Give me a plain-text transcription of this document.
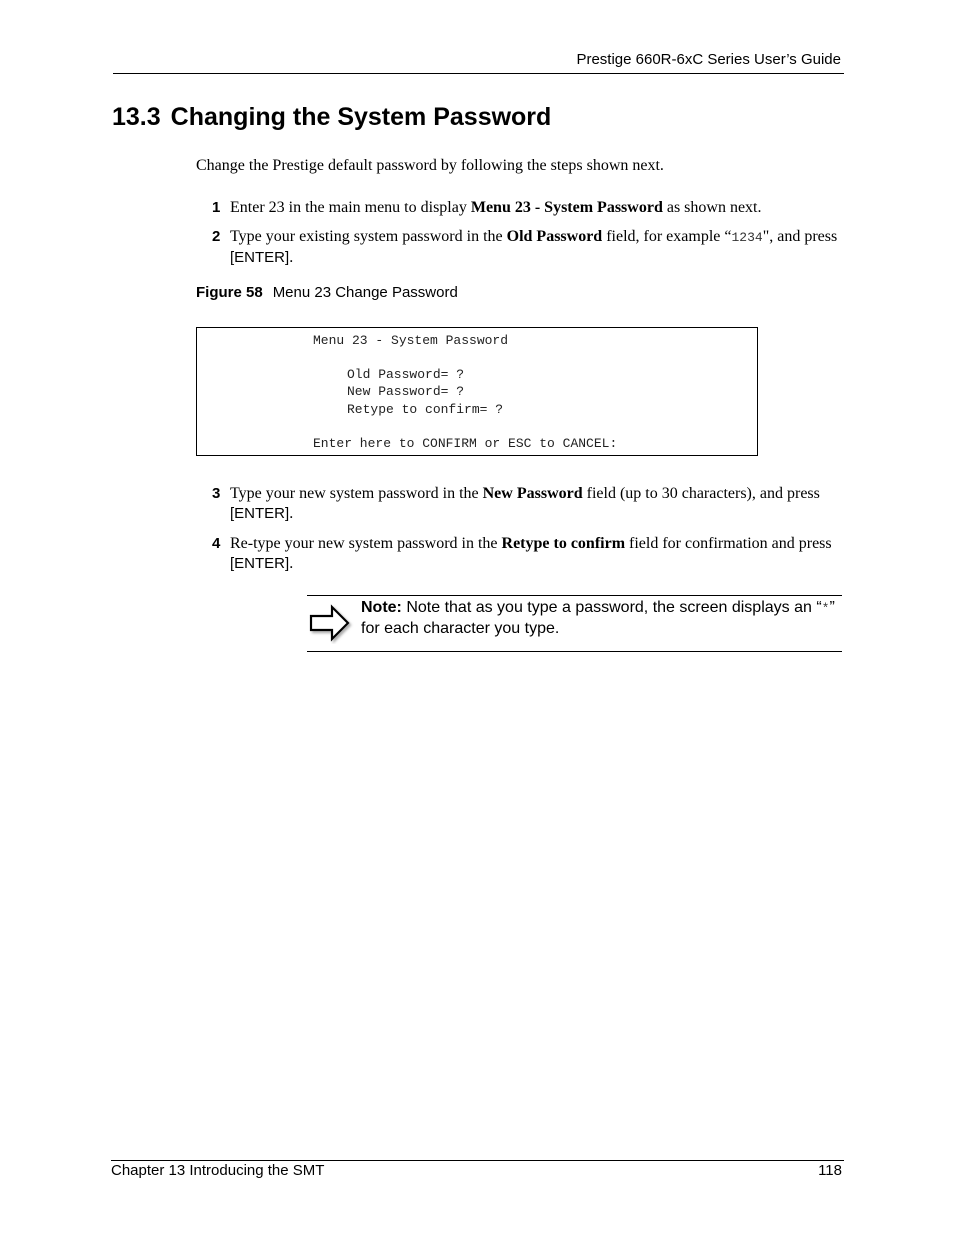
Prestige 660R-6xC Series User’s Guide
13.3 Changing the System Password

Change the Prestige default password by following the steps shown next.

1 Enter 23 in the main menu to display Menu 23 - System Password as shown next.
2 Type your existing system password in the Old Password field, for example “1234", and press [ENTER].
Figure 58 Menu 23 Change Password
Menu 23 - System Password
Old Password= ?
New Password= ?
Retype to confirm= ?
Enter here to CONFIRM or ESC to CANCEL:
3 Type your new system password in the New Password field (up to 30 characters), and press [ENTER].
4 Re-type your new system password in the Retype to confirm field for confirmation and press [ENTER].
Note: Note that as you type a password, the screen displays an “*” for each character you type.
Chapter 13 Introducing the SMT	118
